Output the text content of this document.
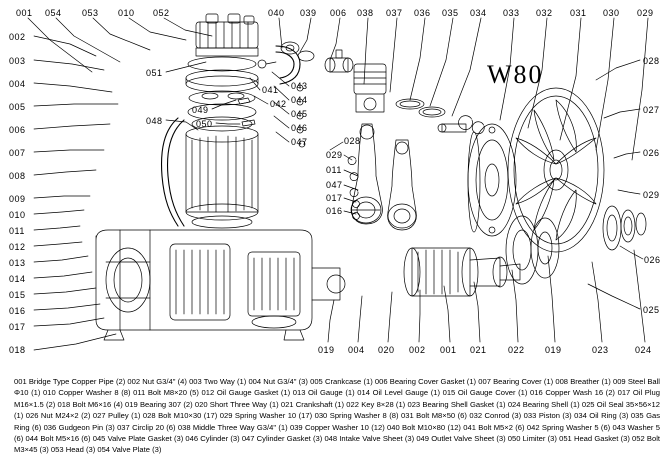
W80
001 054 053 010 052	040 039 006 038 037 036 035 034 033 032 031 030 029
002
003
004
005
006
007
008
009
010
011
012
013
014
015
016
017
018
028
027
026
029
026
025
019 004 020 002 001 021 022 019	023	024
051
048
049
050
041
042
043
044
045
046
047	028
029
011
047
017
016

001 Bridge Type Copper Pipe (2) 002 Nut G3/4" (4) 003 Two Way (1) 004 Nut G3/4" (3) 005 Crankcase (1) 006 Bearing Cover Gasket (1) 007 Bearing Cover (1) 008 Breather (1) 009 Steel Ball Φ10 (1) 010 Copper Washer 8 (8) 011 Bolt M8×20 (5) 012 Oil Gauge Gasket (1) 013 Oil Gauge (1) 014 Oil Level Gauge (1) 015 Oil Gauge Cover (1) 016 Copper Wash 16 (2) 017 Oil Plug M16×1.5 (2) 018 Bolt M6×16 (4) 019 Bearing 307 (2) 020 Short Three Way (1) 021 Crankshaft (1) 022 Key 8×28 (1) 023 Bearing Shell Gasket (1) 024 Bearing Shell (1) 025 Oil Seal 35×56×12 (1) 026 Nut M24×2 (2) 027 Pulley (1) 028 Bolt M10×30 (17) 029 Spring Washer 10 (17) 030 Spring Washer 8 (8) 031 Bolt M8×50 (6) 032 Conrod (3) 033 Piston (3) 034 Oil Ring (3) 035 Gas Ring (6) 036 Gudgeon Pin (3) 037 Circlip 20 (6) 038 Middle Three Way G3/4" (1) 039 Copper Washer 10 (12) 040 Bolt M10×80 (12) 041 Bolt M5×2 (6) 042 Spring Washer 5 (6) 043 Washer 5 (6) 044 Bolt M5×16 (6) 045 Valve Plate Gasket (3) 046 Cylinder (3) 047 Cylinder Gasket (3) 048 Intake Valve Sheet (3) 049 Outlet Valve Sheet (3) 050 Limiter (3) 051 Head Gasket (3) 052 Bolt M3×45 (3) 053 Head (3) 054 Valve Plate (3)
